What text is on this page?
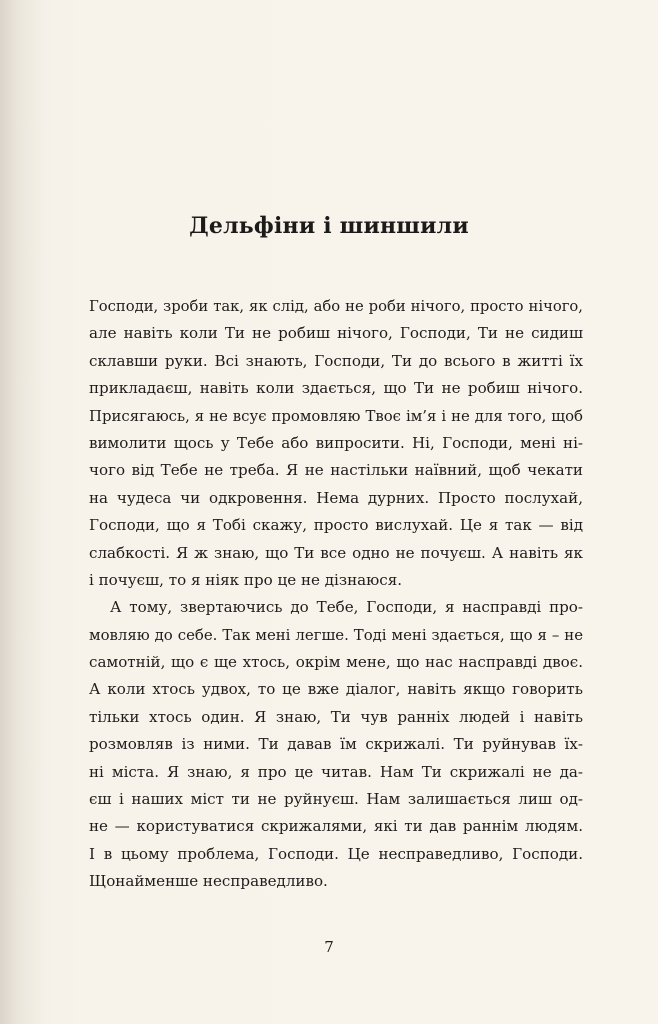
Дельфіни і шиншили
Господи, зроби так, як слід, або не роби нічого, просто нічого,
але навіть коли Ти не робиш нічого, Господи, Ти не сидиш
склавши руки. Всі знають, Господи, Ти до всього в житті їх
прикладаєш, навіть коли здається, що Ти не робиш нічого.
Присягаюсь, я не всує промовляю Твоє ім’я і не для того, щоб
вимолити щось у Тебе або випросити. Ні, Господи, мені ні-
чого від Тебе не треба. Я не настільки наївний, щоб чекати
на чудеса чи одкровення. Нема дурних. Просто послухай,
Господи, що я Тобі скажу, просто вислухай. Це я так — від
слабкості. Я ж знаю, що Ти все одно не почуєш. А навіть як
і почуєш, то я ніяк про це не дізнаюся.
А тому, звертаючись до Тебе, Господи, я насправді про-
мовляю до себе. Так мені легше. Тоді мені здається, що я – не
самотній, що є ще хтось, окрім мене, що нас насправді двоє.
А коли хтось удвох, то це вже діалог, навіть якщо говорить
тільки хтось один. Я знаю, Ти чув ранніх людей і навіть
розмовляв із ними. Ти давав їм скрижалі. Ти руйнував їх-
ні міста. Я знаю, я про це читав. Нам Ти скрижалі не да-
єш і наших міст ти не руйнуєш. Нам залишається лиш од-
не — користуватися скрижалями, які ти дав раннім людям.
І в цьому проблема, Господи. Це несправедливо, Господи.
Щонайменше несправедливо.
7
